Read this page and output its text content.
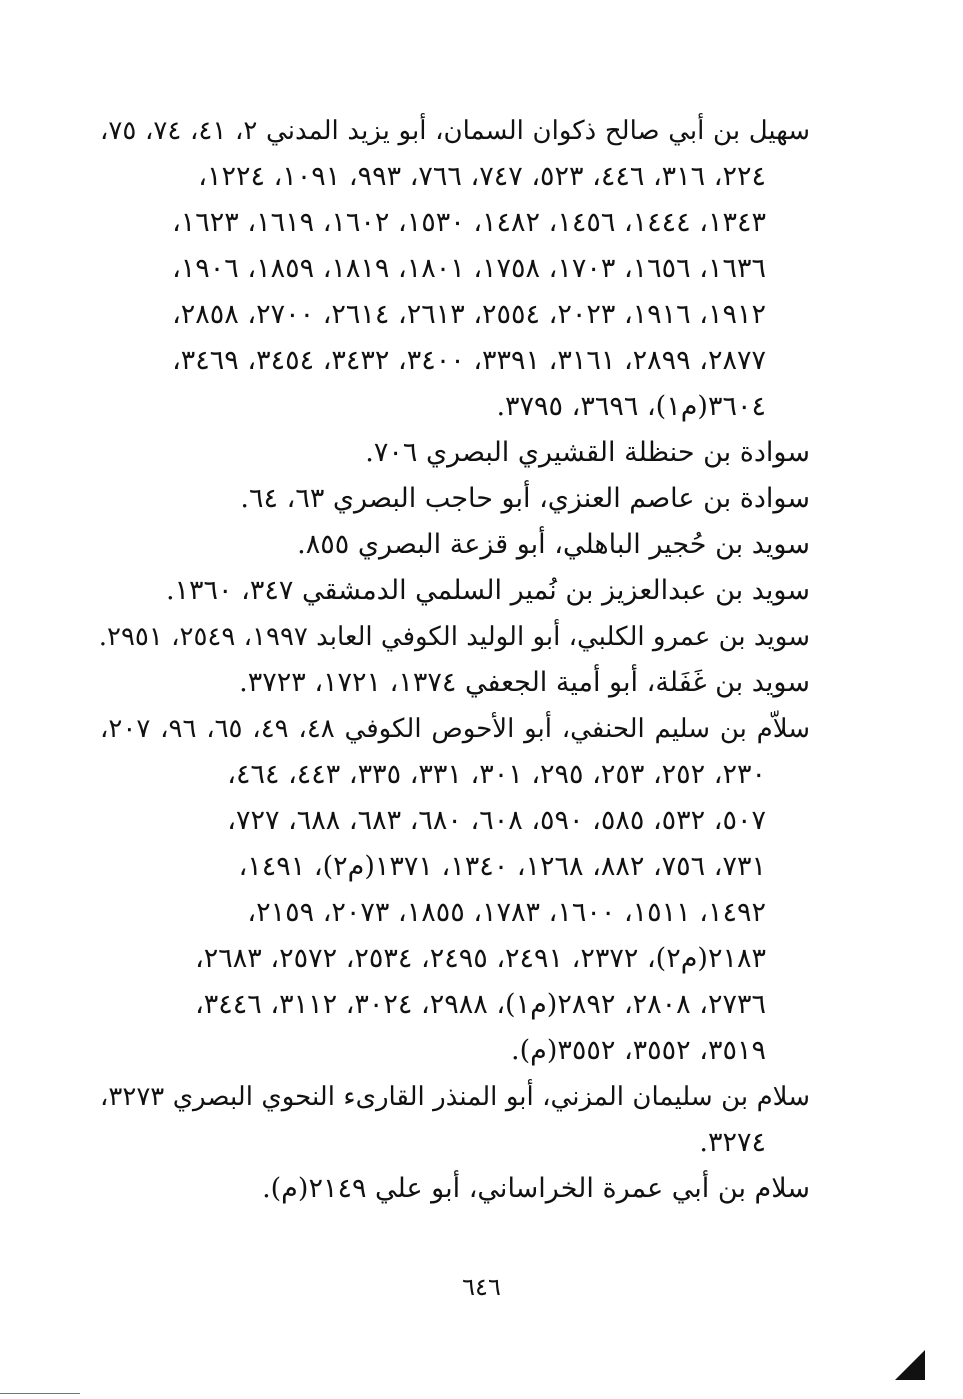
سهيل بن أبي صالح ذكوان السمان، أبو يزيد المدني ٢، ٤١، ٧٤، ٧٥،
٢٢٤، ٣١٦، ٤٤٦، ٥٢٣، ٧٤٧، ٧٦٦، ٩٩٣، ١٠٩١، ١٢٢٤،
١٣٤٣، ١٤٤٤، ١٤٥٦، ١٤٨٢، ١٥٣٠، ١٦٠٢، ١٦١٩، ١٦٢٣،
١٦٣٦، ١٦٥٦، ١٧٠٣، ١٧٥٨، ١٨٠١، ١٨١٩، ١٨٥٩، ١٩٠٦،
١٩١٢، ١٩١٦، ٢٠٢٣، ٢٥٥٤، ٢٦١٣، ٢٦١٤، ٢٧٠٠، ٢٨٥٨،
٢٨٧٧، ٢٨٩٩، ٣١٦١، ٣٣٩١، ٣٤٠٠، ٣٤٣٢، ٣٤٥٤، ٣٤٦٩،
٣٦٠٤(م١)، ٣٦٩٦، ٣٧٩٥.
سوادة بن حنظلة القشيري البصري ٧٠٦.
سوادة بن عاصم العنزي، أبو حاجب البصري ٦٣، ٦٤.
سويد بن حُجير الباهلي، أبو قزعة البصري ٨٥٥.
سويد بن عبدالعزيز بن نُمير السلمي الدمشقي ٣٤٧، ١٣٦٠.
سويد بن عمرو الكلبي، أبو الوليد الكوفي العابد ١٩٩٧، ٢٥٤٩، ٢٩٥١.
سويد بن غَفَلة، أبو أمية الجعفي ١٣٧٤، ١٧٢١، ٣٧٢٣.
سلاّم بن سليم الحنفي، أبو الأحوص الكوفي ٤٨، ٤٩، ٦٥، ٩٦، ٢٠٧،
٢٣٠، ٢٥٢، ٢٥٣، ٢٩٥، ٣٠١، ٣٣١، ٣٣٥، ٤٤٣، ٤٦٤،
٥٠٧، ٥٣٢، ٥٨٥، ٥٩٠، ٦٠٨، ٦٨٠، ٦٨٣، ٦٨٨، ٧٢٧،
٧٣١، ٧٥٦، ٨٨٢، ١٢٦٨، ١٣٤٠، ١٣٧١(م٢)، ١٤٩١،
١٤٩٢، ١٥١١، ١٦٠٠، ١٧٨٣، ١٨٥٥، ٢٠٧٣، ٢١٥٩،
٢١٨٣(م٢)، ٢٣٧٢، ٢٤٩١، ٢٤٩٥، ٢٥٣٤، ٢٥٧٢، ٢٦٨٣،
٢٧٣٦، ٢٨٠٨، ٢٨٩٢(م١)، ٢٩٨٨، ٣٠٢٤، ٣١١٢، ٣٤٤٦،
٣٥١٩، ٣٥٥٢، ٣٥٥٢(م).
سلام بن سليمان المزني، أبو المنذر القارىء النحوي البصري ٣٢٧٣،
٣٢٧٤.
سلام بن أبي عمرة الخراساني، أبو علي ٢١٤٩(م).
٦٤٦
